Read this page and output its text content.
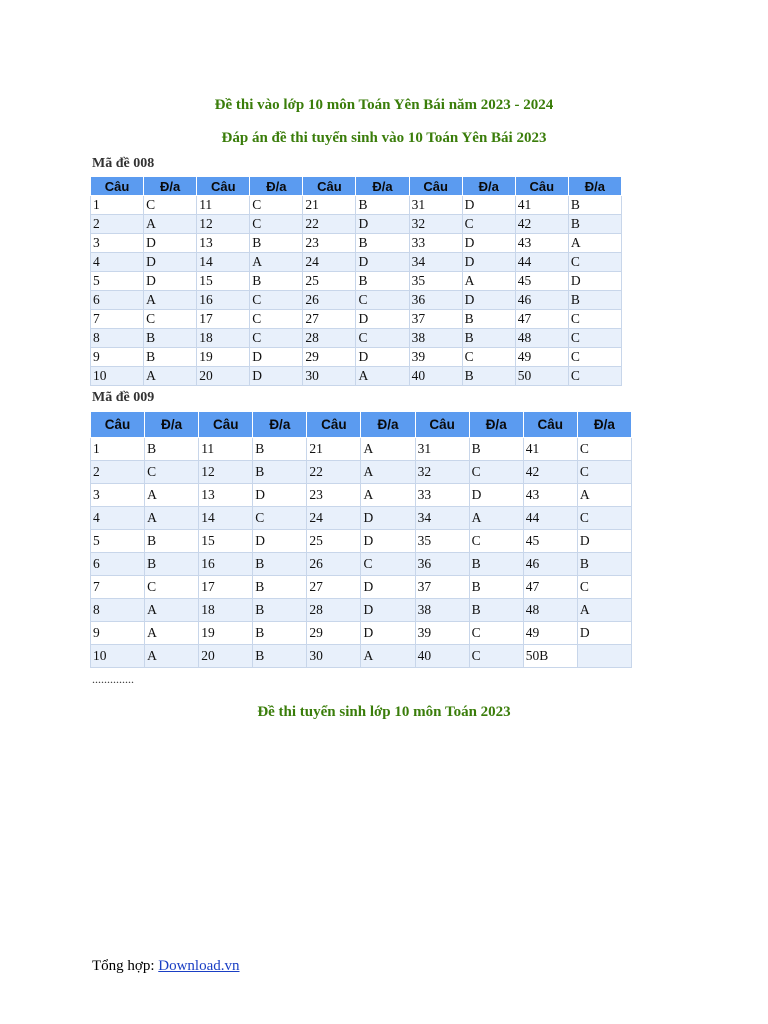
Đề thi vào lớp 10 môn Toán Yên Bái năm 2023 - 2024

Đáp án đề thi tuyển sinh vào 10 Toán Yên Bái 2023

Mã đề 008

Câu	Đ/a	Câu	Đ/a	Câu	Đ/a	Câu	Đ/a	Câu	Đ/a
1	C	11	C	21	B	31	D	41	B
2	A	12	C	22	D	32	C	42	B
3	D	13	B	23	B	33	D	43	A
4	D	14	A	24	D	34	D	44	C
5	D	15	B	25	B	35	A	45	D
6	A	16	C	26	C	36	D	46	B
7	C	17	C	27	D	37	B	47	C
8	B	18	C	28	C	38	B	48	C
9	B	19	D	29	D	39	C	49	C
10	A	20	D	30	A	40	B	50	C

Mã đề 009

Câu	Đ/a	Câu	Đ/a	Câu	Đ/a	Câu	Đ/a	Câu	Đ/a
1	B	11	B	21	A	31	B	41	C
2	C	12	B	22	A	32	C	42	C
3	A	13	D	23	A	33	D	43	A
4	A	14	C	24	D	34	A	44	C
5	B	15	D	25	D	35	C	45	D
6	B	16	B	26	C	36	B	46	B
7	C	17	B	27	D	37	B	47	C
8	A	18	B	28	D	38	B	48	A
9	A	19	B	29	D	39	C	49	D
10	A	20	B	30	A	40	C	50B	

..............

Đề thi tuyển sinh lớp 10 môn Toán 2023

Tổng hợp: Download.vn
